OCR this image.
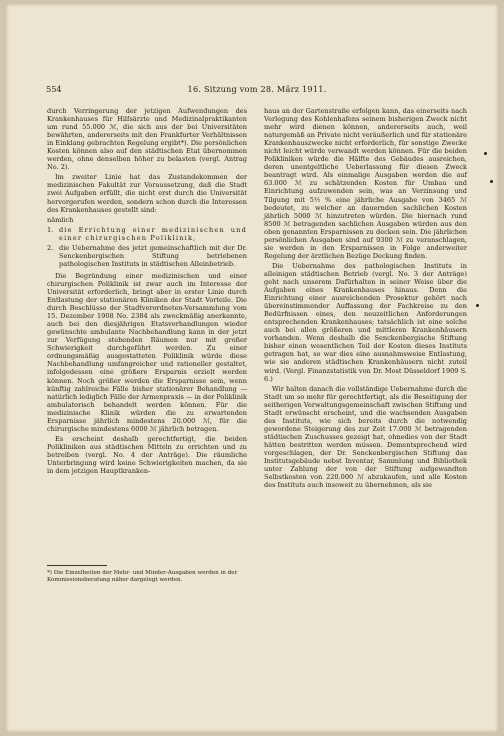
554	16. Sitzung vom 28. März 1911.

durch Verringerung der jetzigen Aufwendungen des Krankenhauses für Hilfsärzte und Medizinalpraktikanten um rund 55.000 ℳ, die sich aus der bei Universitäten bewährten, andererseits mit den Frankfurter Verhältnissen in Einklang gebrachten Regelung ergibt*). Die persönlichen Kosten können also auf den städtischen Etat übernommen werden, ohne denselben höher zu belasten (vergl. Antrag No. 2).

Im zweiter Linie hat das Zustandekommen der medizinischen Fakultät zur Voraussetzung, daß die Stadt zwei Aufgaben erfüllt, die nicht erst durch die Universität hervorgerufen werden, sondern schon durch die Interessen des Krankenhauses gestellt sind:

nämlich

1. die Errichtung einer medizinischen und einer chirurgischen Poliklinik,
2. die Uebernahme des jetzt gemeinschaftlich mit der Dr. Senckenbergischen Stiftung betriebenen pathologischen Instituts in städtischen Alleinbetrieb.

Die Begründung einer medizinischen und einer chirurgischen Poliklinik ist zwar auch im Interesse der Universität erforderlich, bringt aber in erster Linie durch Entlastung der stationären Kliniken der Stadt Vorteile. Die durch Beschlüsse der Stadtverordneten-Versammlung vom 15. Dezember 1908 No. 2384 als zweckmäßig anerkannte, auch bei den diesjährigen Etatsverhandlungen wieder gewünschte ambulante Nachbehandlung kann in der jetzt zur Verfügung stehenden Räumen nur mit großer Schwierigkeit durchgeführt werden. Zu einer ordnungsmäßig ausgestatteten Poliklinik würde diese Nachbehandlung umfangreicher und rationeller gestaltet, infolgedessen eine größere Ersparnis erzielt werden können. Noch größer werden die Ersparnisse sein, wenn künftig zahlreiche Fälle bisher stationärer Behandlung — natürlich lediglich Fälle der Armenpraxis — in der Poliklinik ambulatorisch behandelt werden können. Für die medizinische Klinik würden die zu erwartenden Ersparnisse jährlich mindestens 20.000 ℳ, für die chirurgische mindestens 6000 ℳ jährlich betragen.

Es erscheint deshalb gerechtfertigt, die beiden Polikliniken aus städtischen Mitteln zu errichten und zu betreiben (vergl. No. 4 der Anträge). Die räumliche Unterbringung wird keine Schwierigkeiten machen, da sie in dem jetzigen Hauptkranken-

*) Die Einzelheiten der Mehr- und Minder-Ausgaben werden in der Kommissionsberatung näher dargelegt werden.

haus an der Gartenstraße erfolgen kann, das einerseits nach Verlegung des Kohlenhafens seinem bisherigen Zweck nicht mehr wird dienen können, andererseits auch, weil naturgemäß an Private nicht veräußerlich und für stationäre Krankenhauszwecke nicht erforderlich, für sonstige Zwecke nicht leicht würde verwandt werden können. Für die beiden Polikliniken würde die Hälfte des Gebäudes ausreichen, deren unentgeltliche Ueberlassung für diesen Zweck beantragt wird. Als einmalige Ausgaben werden die auf 63.000 ℳ zu schätzenden Kosten für Umbau und Einrichtung aufzuwenden sein, was an Verzinsung und Tilgung mit 5½ % eine jährliche Ausgabe von 3465 ℳ bedeutet, zu welcher an dauernden sachlichen Kosten jährlich 5000 ℳ hinzutreten würden. Die hiernach rund 8500 ℳ betragenden sachlichen Ausgaben würden aus den oben genannten Ersparnissen zu decken sein. Die jährlichen persönlichen Ausgaben sind auf 9300 ℳ zu veranschlagen, sie werden in den Ersparnissen in Folge anderweiter Regelung der ärztlichen Bezüge Deckung finden.

Die Uebernahme des pathologischen Instituts in alleinigen städtischen Betrieb (vergl. No. 3 der Anträge) geht nach unserem Dafürhalten in seiner Weise über die Aufgaben eines Krankenhauses hinaus. Denn die Einrichtung einer ausreichenden Prosektur gehört nach übereinstimmender Auffassung der Fachkreise zu den Bedürfnissen eines, den neuzeitlichen Anforderungen entsprechenden Krankenhauses; tatsächlich ist eine solche auch bei allen größeren und mittleren Krankenhäusern vorhanden. Wenn deshalb die Senckenbergische Stiftung bisher einen wesentlichen Teil der Kosten dieses Instituts getragen hat, so war dies eine ausnahmsweise Entlastung, wie sie anderen städtischen Krankenhäusern nicht zuteil wird. (Vergl. Finanzstatistik von Dr. Most Düsseldorf 1909 S. 6.)

Wir halten danach die vollständige Uebernahme durch die Stadt um so mehr für gerechtfertigt, als die Beseitigung der seitherigen Verwaltungsgemeinschaft zwischen Stiftung und Stadt erwünscht erscheint, und die wachsenden Ausgaben des Instituts, wie sich bereits durch die notwendig gewordene Steigerung des zur Zeit 17.000 ℳ betragenden städtischen Zuschusses gezeigt hat, ohnedies von der Stadt hätten bestritten werden müssen. Dementsprechend wird vorgeschlagen, der Dr. Senckenbergischen Stiftung das Institutsgebäude nebst Inventar, Sammlung und Bibliothek unter Zahlung der von der Stiftung aufgewandten Selbstkosten von 220.000 ℳ abzukaufen, und alle Kosten des Instituts auch insoweit zu übernehmen, als sie
